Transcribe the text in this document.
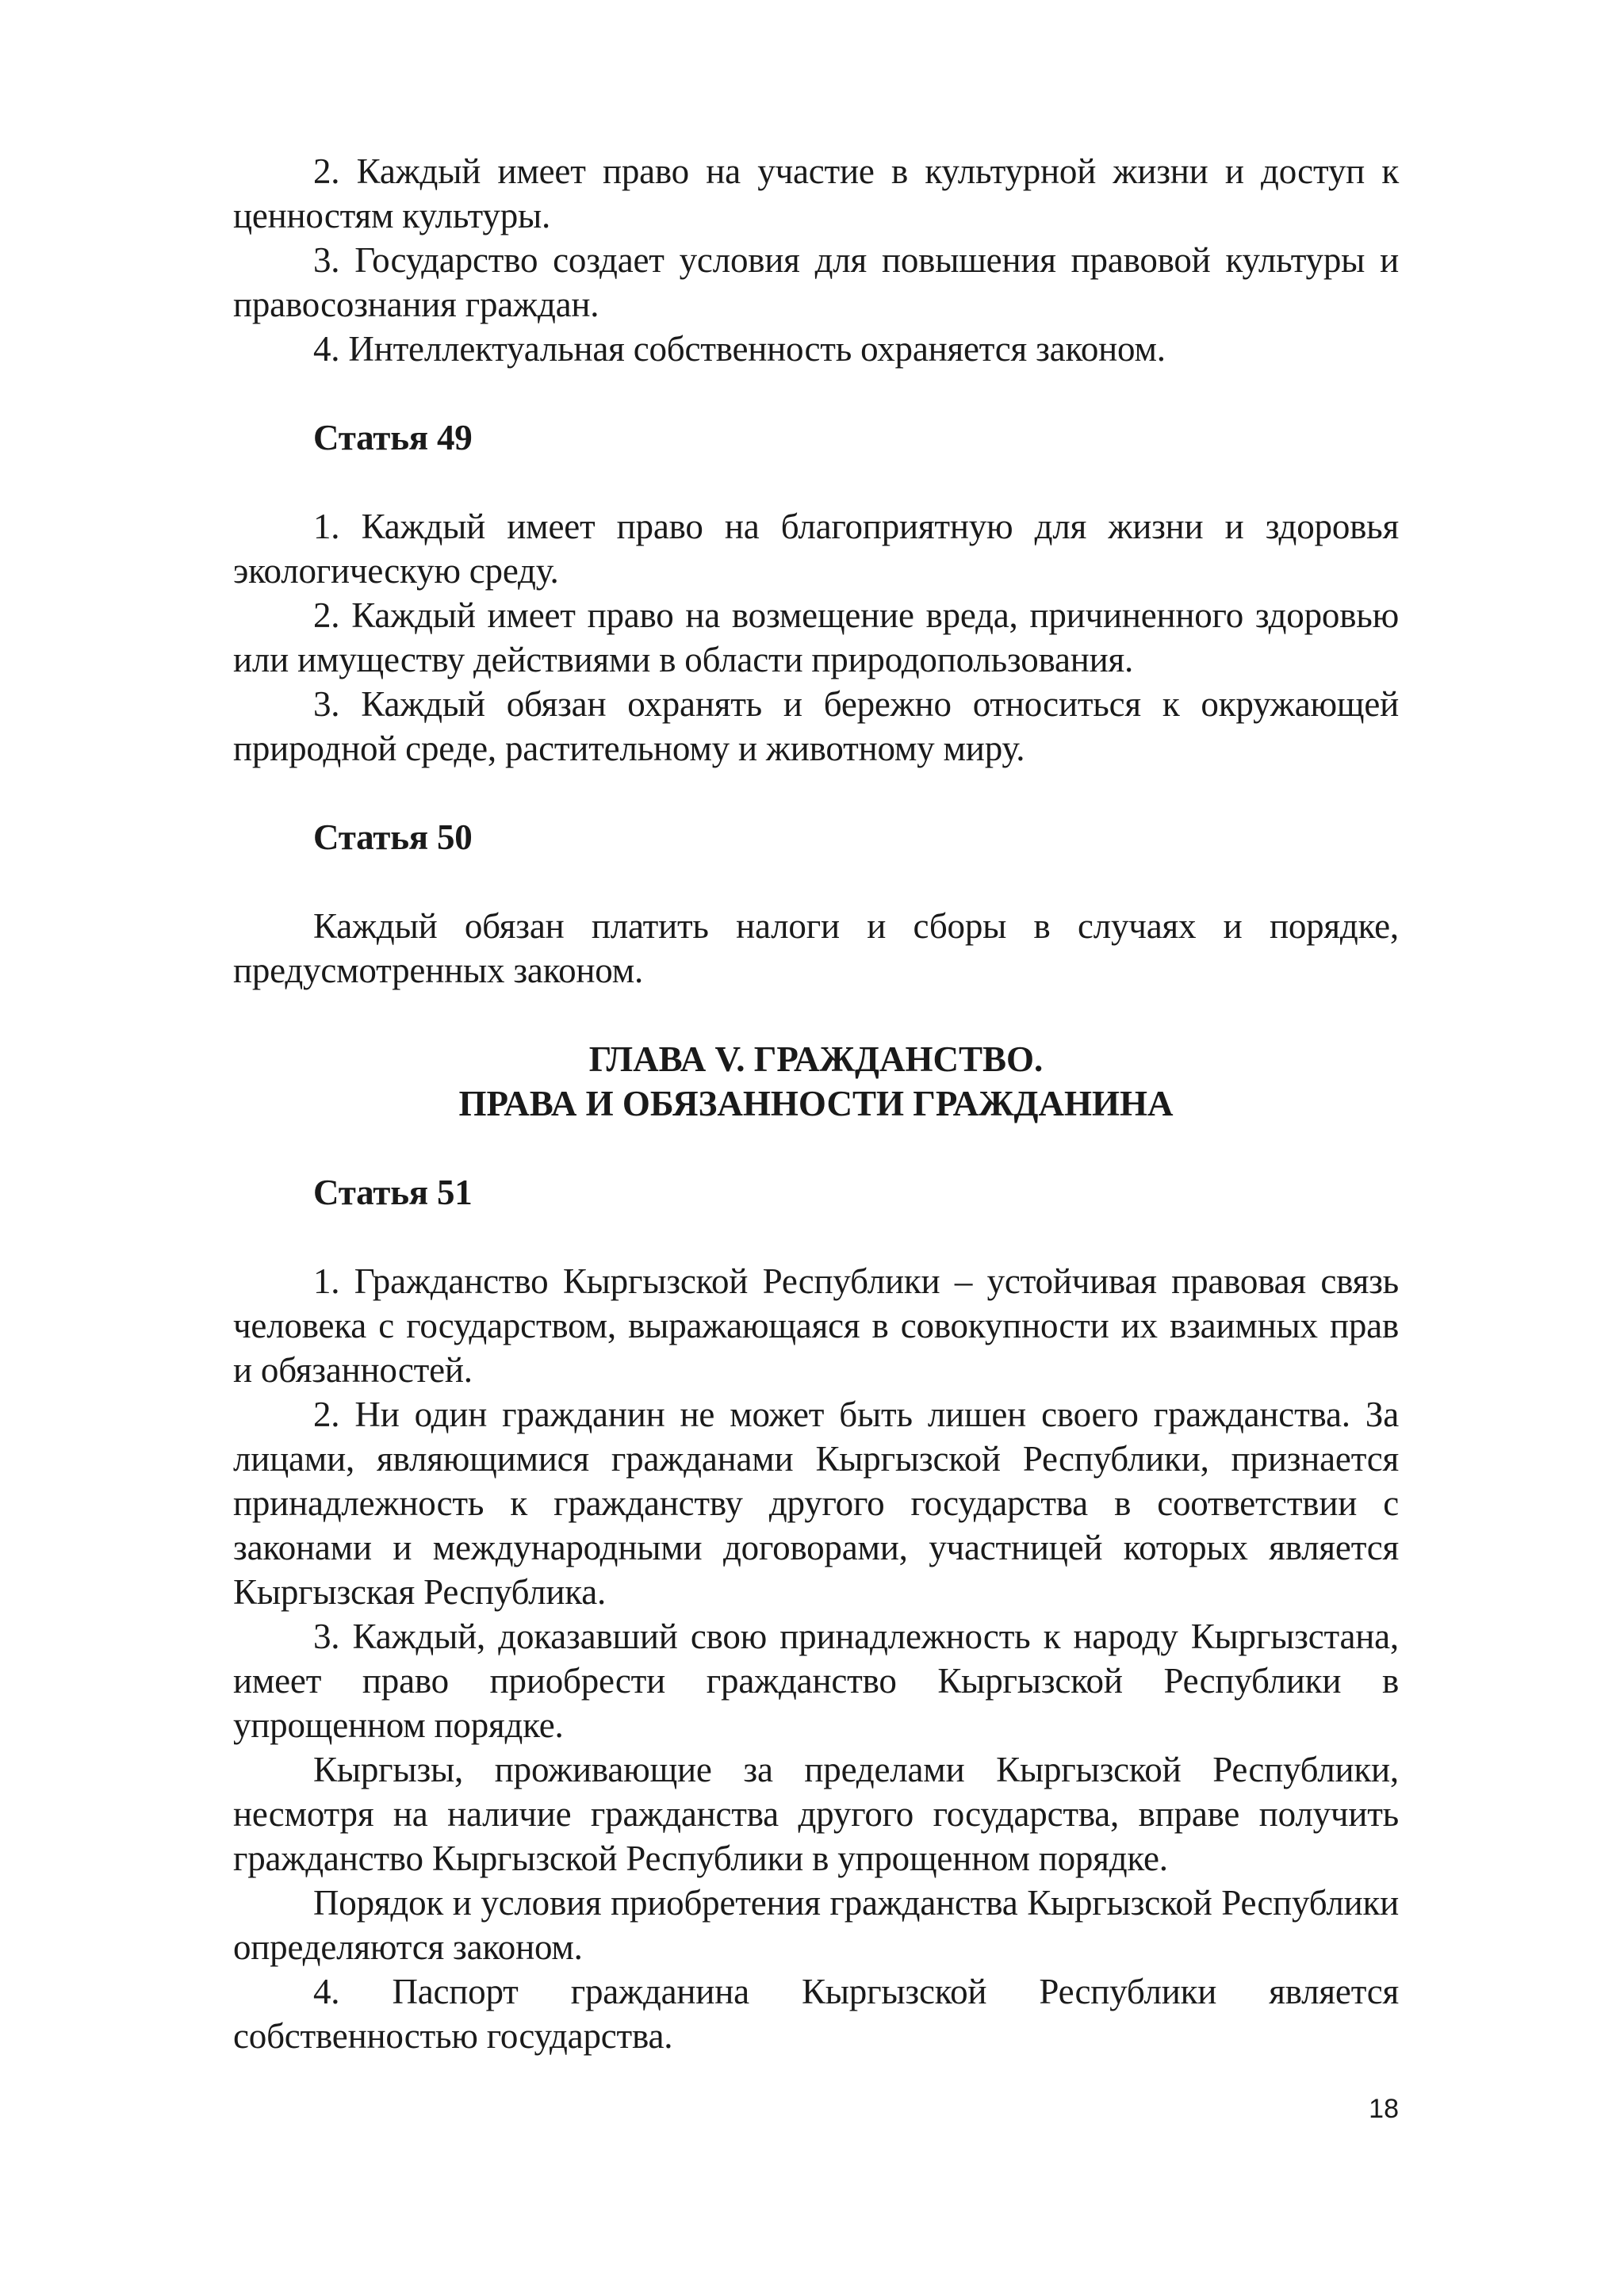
2. Каждый имеет право на участие в культурной жизни и доступ к ценностям культуры.

3. Государство создает условия для повышения правовой культуры и правосознания граждан.

4. Интеллектуальная собственность охраняется законом.

Статья 49

1. Каждый имеет право на благоприятную для жизни и здоровья экологическую среду.

2. Каждый имеет право на возмещение вреда, причиненного здоровью или имуществу действиями в области природопользования.

3. Каждый обязан охранять и бережно относиться к окружающей природной среде, растительному и животному миру.

Статья 50

Каждый обязан платить налоги и сборы в случаях и порядке, предусмотренных законом.

ГЛАВА V. ГРАЖДАНСТВО.
ПРАВА И ОБЯЗАННОСТИ ГРАЖДАНИНА

Статья 51

1. Гражданство Кыргызской Республики – устойчивая правовая связь человека с государством, выражающаяся в совокупности их взаимных прав и обязанностей.

2. Ни один гражданин не может быть лишен своего гражданства. За лицами, являющимися гражданами Кыргызской Республики, признается принадлежность к гражданству другого государства в соответствии с законами и международными договорами, участницей которых является Кыргызская Республика.

3. Каждый, доказавший свою принадлежность к народу Кыргызстана, имеет право приобрести гражданство Кыргызской Республики в упрощенном порядке.

Кыргызы, проживающие за пределами Кыргызской Республики, несмотря на наличие гражданства другого государства, вправе получить гражданство Кыргызской Республики в упрощенном порядке.

Порядок и условия приобретения гражданства Кыргызской Республики определяются законом.

4. Паспорт гражданина Кыргызской Республики является собственностью государства.

18
